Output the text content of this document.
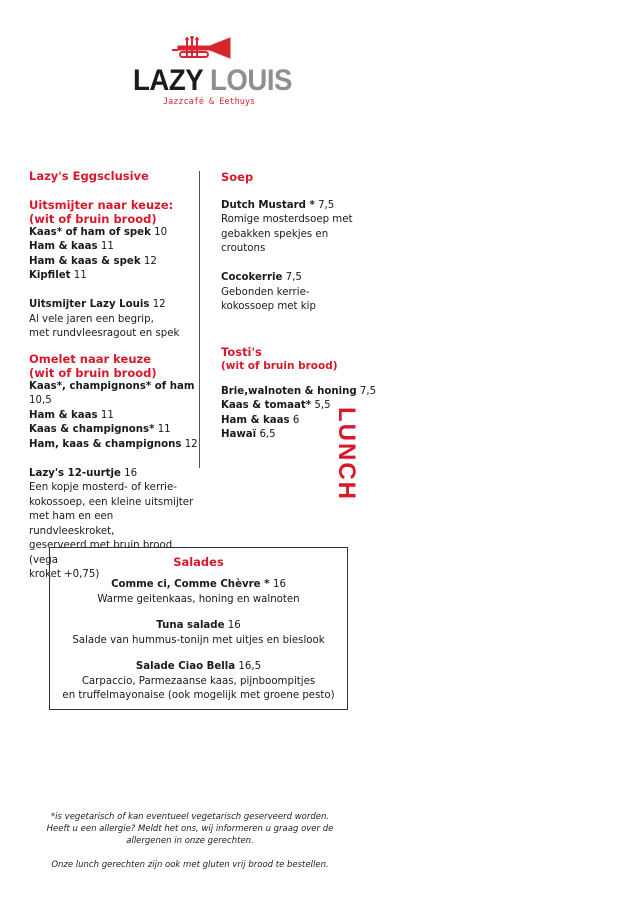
LAZY LOUIS
Jazzcafé & Eethuys
Lazy's Eggsclusive
Uitsmijter naar keuze:
(wit of bruin brood)
Kaas* of ham of spek 10
Ham & kaas 11
Ham & kaas & spek 12
Kipfilet 11
Uitsmijter Lazy Louis 12
Al vele jaren een begrip,
met rundvleesragout en spek
Omelet naar keuze
(wit of bruin brood)
Kaas*, champignons* of ham 10,5
Ham & kaas 11
Kaas & champignons* 11
Ham, kaas & champignons 12
Lazy's 12-uurtje 16
Een kopje mosterd- of kerrie-
kokossoep, een kleine uitsmijter
met ham en een rundvleeskroket,
geserveerd met bruin brood (vega
kroket +0,75)
Soep
Dutch Mustard * 7,5
Romige mosterdsoep met
gebakken spekjes en
croutons
Cocokerrie 7,5
Gebonden kerrie-
kokossoep met kip
Tosti's
(wit of bruin brood)
Brie,walnoten & honing 7,5
Kaas & tomaat* 5,5
Ham & kaas 6
Hawaï 6,5	LUNCH
Salades
Comme ci, Comme Chèvre * 16
Warme geitenkaas, honing en walnoten
Tuna salade 16
Salade van hummus-tonijn met uitjes en bieslook
Salade Ciao Bella 16,5
Carpaccio, Parmezaanse kaas, pijnboompitjes
en truffelmayonaise (ook mogelijk met groene pesto)
*is vegetarisch of kan eventueel vegetarisch geserveerd worden.
Heeft u een allergie? Meldt het ons, wij informeren u graag over de
allergenen in onze gerechten.
Onze lunch gerechten zijn ook met gluten vrij brood te bestellen.
